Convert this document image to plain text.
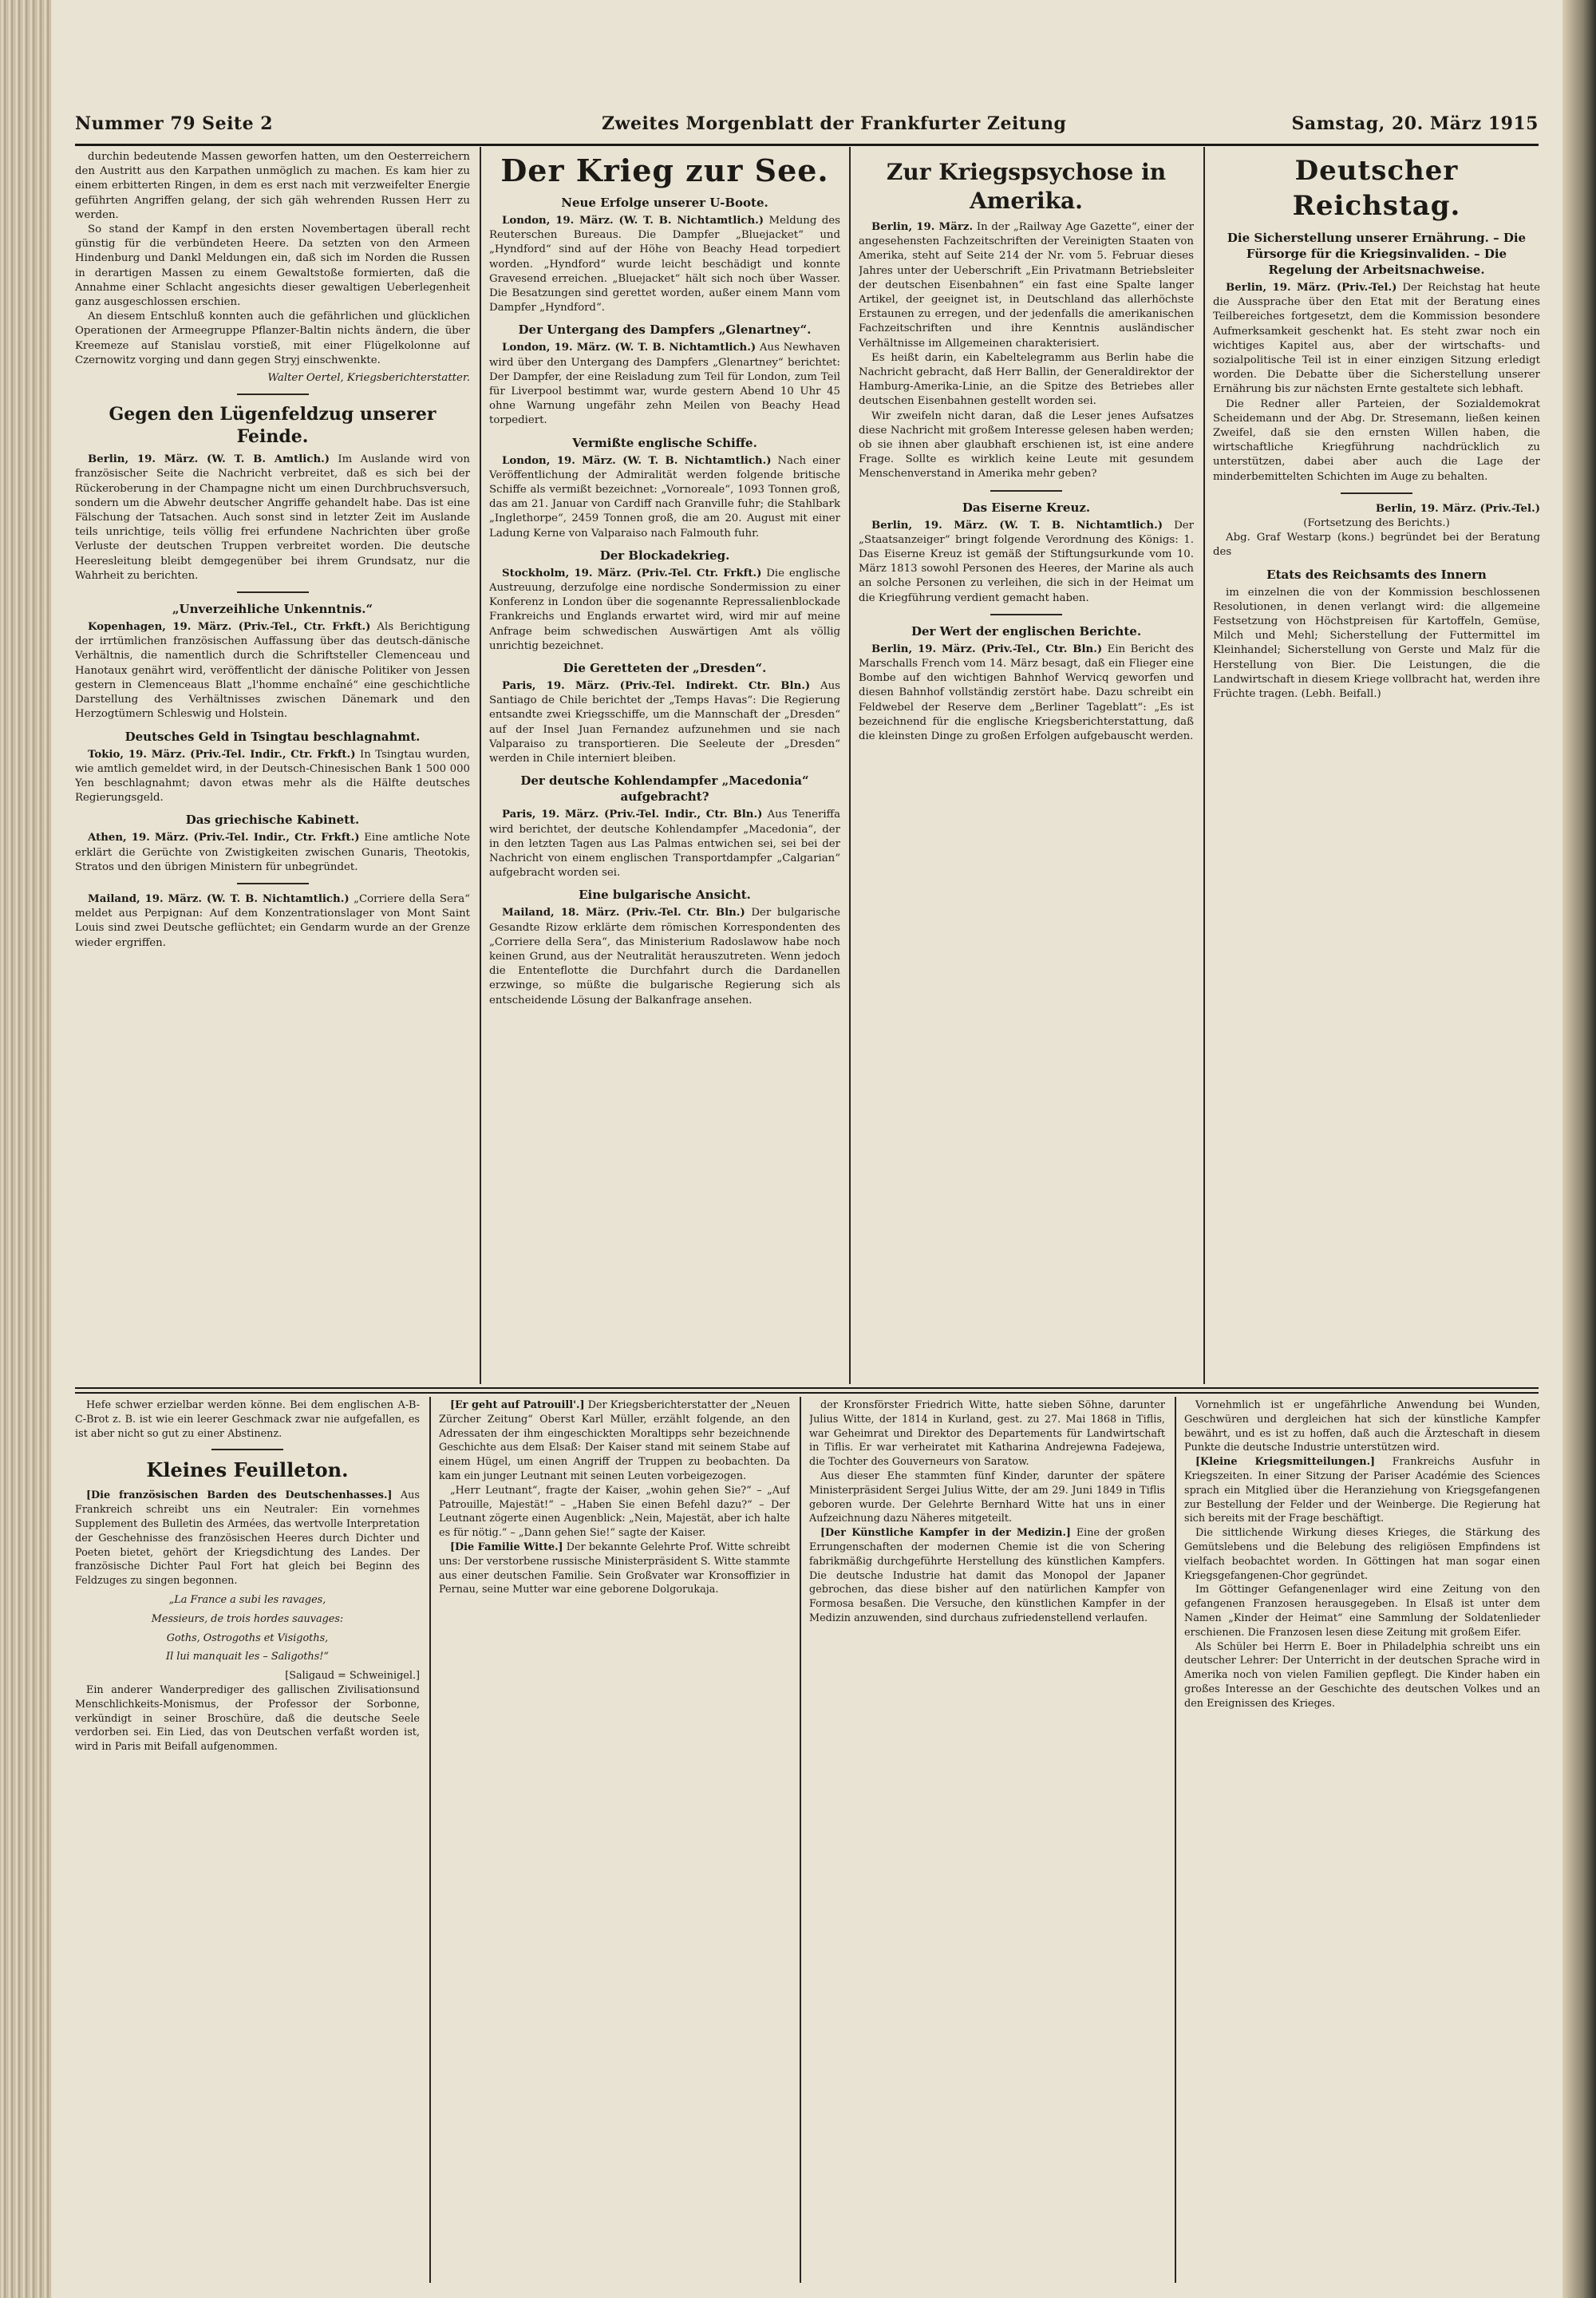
Nummer 79 Seite 2	Zweites Morgenblatt der Frankfurter Zeitung	Samstag, 20. März 1915

durchin bedeutende Massen geworfen hatten, um den Oesterreichern den Austritt aus den Karpathen unmöglich zu machen. Es kam hier zu einem erbitterten Ringen, in dem es erst nach mit verzweifelter Energie geführten Angriffen gelang, der sich gäh wehrenden Russen Herr zu werden.

So stand der Kampf in den ersten Novembertagen überall recht günstig für die verbündeten Heere. Da setzten von den Armeen Hindenburg und Dankl Meldungen ein, daß sich im Norden die Russen in derartigen Massen zu einem Gewaltstoße formierten, daß die Annahme einer Schlacht angesichts dieser gewaltigen Ueberlegenheit ganz ausgeschlossen erschien.

An diesem Entschluß konnten auch die gefährlichen und glücklichen Operationen der Armeegruppe Pflanzer-Baltin nichts ändern, die über Kreemeze auf Stanislau vorstieß, mit einer Flügelkolonne auf Czernowitz vorging und dann gegen Stryj einschwenkte.

Walter Oertel, Kriegsberichterstatter.
Gegen den Lügenfeldzug unserer Feinde.

Berlin, 19. März. (W. T. B. Amtlich.) Im Auslande wird von französischer Seite die Nachricht verbreitet, daß es sich bei der Rückeroberung in der Champagne nicht um einen Durchbruchsversuch, sondern um die Abwehr deutscher Angriffe gehandelt habe. Das ist eine Fälschung der Tatsachen. Auch sonst sind in letzter Zeit im Auslande teils unrichtige, teils völlig frei erfundene Nachrichten über große Verluste der deutschen Truppen verbreitet worden. Die deutsche Heeresleitung bleibt demgegenüber bei ihrem Grundsatz, nur die Wahrheit zu berichten.

„Unverzeihliche Unkenntnis.“

Kopenhagen, 19. März. (Priv.-Tel., Ctr. Frkft.) Als Berichtigung der irrtümlichen französischen Auffassung über das deutsch-dänische Verhältnis, die namentlich durch die Schriftsteller Clemenceau und Hanotaux genährt wird, veröffentlicht der dänische Politiker von Jessen gestern in Clemenceaus Blatt „l'homme enchaîné“ eine geschichtliche Darstellung des Verhältnisses zwischen Dänemark und den Herzogtümern Schleswig und Holstein.

Deutsches Geld in Tsingtau beschlagnahmt.

Tokio, 19. März. (Priv.-Tel. Indir., Ctr. Frkft.) In Tsingtau wurden, wie amtlich gemeldet wird, in der Deutsch-Chinesischen Bank 1 500 000 Yen beschlagnahmt; davon etwas mehr als die Hälfte deutsches Regierungsgeld.

Das griechische Kabinett.

Athen, 19. März. (Priv.-Tel. Indir., Ctr. Frkft.) Eine amtliche Note erklärt die Gerüchte von Zwistigkeiten zwischen Gunaris, Theotokis, Stratos und den übrigen Ministern für unbegründet.

Mailand, 19. März. (W. T. B. Nichtamtlich.) „Corriere della Sera“ meldet aus Perpignan: Auf dem Konzentrationslager von Mont Saint Louis sind zwei Deutsche geflüchtet; ein Gendarm wurde an der Grenze wieder ergriffen.

Der Krieg zur See.
Neue Erfolge unserer U-Boote.

London, 19. März. (W. T. B. Nichtamtlich.) Meldung des Reuterschen Bureaus. Die Dampfer „Bluejacket“ und „Hyndford“ sind auf der Höhe von Beachy Head torpediert worden. „Hyndford“ wurde leicht beschädigt und konnte Gravesend erreichen. „Bluejacket“ hält sich noch über Wasser. Die Besatzungen sind gerettet worden, außer einem Mann vom Dampfer „Hyndford“.

Der Untergang des Dampfers „Glenartney“.

London, 19. März. (W. T. B. Nichtamtlich.) Aus Newhaven wird über den Untergang des Dampfers „Glenartney“ berichtet: Der Dampfer, der eine Reisladung zum Teil für London, zum Teil für Liverpool bestimmt war, wurde gestern Abend 10 Uhr 45 ohne Warnung ungefähr zehn Meilen von Beachy Head torpediert.

Vermißte englische Schiffe.

London, 19. März. (W. T. B. Nichtamtlich.) Nach einer Veröffentlichung der Admiralität werden folgende britische Schiffe als vermißt bezeichnet: „Vornoreale“, 1093 Tonnen groß, das am 21. Januar von Cardiff nach Granville fuhr; die Stahlbark „Inglethorpe“, 2459 Tonnen groß, die am 20. August mit einer Ladung Kerne von Valparaiso nach Falmouth fuhr.

Der Blockadekrieg.

Stockholm, 19. März. (Priv.-Tel. Ctr. Frkft.) Die englische Austreuung, derzufolge eine nordische Sondermission zu einer Konferenz in London über die sogenannte Repressalienblockade Frankreichs und Englands erwartet wird, wird mir auf meine Anfrage beim schwedischen Auswärtigen Amt als völlig unrichtig bezeichnet.

Die Geretteten der „Dresden“.

Paris, 19. März. (Priv.-Tel. Indirekt. Ctr. Bln.) Aus Santiago de Chile berichtet der „Temps Havas“: Die Regierung entsandte zwei Kriegsschiffe, um die Mannschaft der „Dresden“ auf der Insel Juan Fernandez aufzunehmen und sie nach Valparaiso zu transportieren. Die Seeleute der „Dresden“ werden in Chile interniert bleiben.

Der deutsche Kohlendampfer „Macedonia“ aufgebracht?

Paris, 19. März. (Priv.-Tel. Indir., Ctr. Bln.) Aus Teneriffa wird berichtet, der deutsche Kohlendampfer „Macedonia“, der in den letzten Tagen aus Las Palmas entwichen sei, sei bei der Nachricht von einem englischen Transportdampfer „Calgarian“ aufgebracht worden sei.

Eine bulgarische Ansicht.

Mailand, 18. März. (Priv.-Tel. Ctr. Bln.) Der bulgarische Gesandte Rizow erklärte dem römischen Korrespondenten des „Corriere della Sera“, das Ministerium Radoslawow habe noch keinen Grund, aus der Neutralität herauszutreten. Wenn jedoch die Ententeflotte die Durchfahrt durch die Dardanellen erzwinge, so müßte die bulgarische Regierung sich als entscheidende Lösung der Balkanfrage ansehen.

Zur Kriegspsychose in Amerika.

Berlin, 19. März. In der „Railway Age Gazette“, einer der angesehensten Fachzeitschriften der Vereinigten Staaten von Amerika, steht auf Seite 214 der Nr. vom 5. Februar dieses Jahres unter der Ueberschrift „Ein Privatmann Betriebsleiter der deutschen Eisenbahnen“ ein fast eine Spalte langer Artikel, der geeignet ist, in Deutschland das allerhöchste Erstaunen zu erregen, und der jedenfalls die amerikanischen Fachzeitschriften und ihre Kenntnis ausländischer Verhältnisse im Allgemeinen charakterisiert.

Es heißt darin, ein Kabeltelegramm aus Berlin habe die Nachricht gebracht, daß Herr Ballin, der Generaldirektor der Hamburg-Amerika-Linie, an die Spitze des Betriebes aller deutschen Eisenbahnen gestellt worden sei.

Wir zweifeln nicht daran, daß die Leser jenes Aufsatzes diese Nachricht mit großem Interesse gelesen haben werden; ob sie ihnen aber glaubhaft erschienen ist, ist eine andere Frage. Sollte es wirklich keine Leute mit gesundem Menschenverstand in Amerika mehr geben?

Das Eiserne Kreuz.

Berlin, 19. März. (W. T. B. Nichtamtlich.) Der „Staatsanzeiger“ bringt folgende Verordnung des Königs: 1. Das Eiserne Kreuz ist gemäß der Stiftungsurkunde vom 10. März 1813 sowohl Personen des Heeres, der Marine als auch an solche Personen zu verleihen, die sich in der Heimat um die Kriegführung verdient gemacht haben.

Der Wert der englischen Berichte.

Berlin, 19. März. (Priv.-Tel., Ctr. Bln.) Ein Bericht des Marschalls French vom 14. März besagt, daß ein Flieger eine Bombe auf den wichtigen Bahnhof Wervicq geworfen und diesen Bahnhof vollständig zerstört habe. Dazu schreibt ein Feldwebel der Reserve dem „Berliner Tageblatt“: „Es ist bezeichnend für die englische Kriegsberichterstattung, daß die kleinsten Dinge zu großen Erfolgen aufgebauscht werden.

Deutscher Reichstag.
Die Sicherstellung unserer Ernährung. – Die Fürsorge für die Kriegsinvaliden. – Die Regelung der Arbeitsnachweise.

Berlin, 19. März. (Priv.-Tel.) Der Reichstag hat heute die Aussprache über den Etat mit der Beratung eines Teilbereiches fortgesetzt, dem die Kommission besondere Aufmerksamkeit geschenkt hat. Es steht zwar noch ein wichtiges Kapitel aus, aber der wirtschafts- und sozialpolitische Teil ist in einer einzigen Sitzung erledigt worden. Die Debatte über die Sicherstellung unserer Ernährung bis zur nächsten Ernte gestaltete sich lebhaft.

Die Redner aller Parteien, der Sozialdemokrat Scheidemann und der Abg. Dr. Stresemann, ließen keinen Zweifel, daß sie den ernsten Willen haben, die wirtschaftliche Kriegführung nachdrücklich zu unterstützen, dabei aber auch die Lage der minderbemittelten Schichten im Auge zu behalten.

Berlin, 19. März. (Priv.-Tel.)

(Fortsetzung des Berichts.)

Abg. Graf Westarp (kons.) begründet bei der Beratung des

Etats des Reichsamts des Innern

im einzelnen die von der Kommission beschlossenen Resolutionen, in denen verlangt wird: die allgemeine Festsetzung von Höchstpreisen für Kartoffeln, Gemüse, Milch und Mehl; Sicherstellung der Futtermittel im Kleinhandel; Sicherstellung von Gerste und Malz für die Herstellung von Bier. Die Leistungen, die die Landwirtschaft in diesem Kriege vollbracht hat, werden ihre Früchte tragen. (Lebh. Beifall.)

Hefe schwer erzielbar werden könne. Bei dem englischen A-B-C-Brot z. B. ist wie ein leerer Geschmack zwar nie aufgefallen, es ist aber nicht so gut zu einer Abstinenz.

Kleines Feuilleton.

[Die französischen Barden des Deutschenhasses.] Aus Frankreich schreibt uns ein Neutraler: Ein vornehmes Supplement des Bulletin des Armées, das wertvolle Interpretation der Geschehnisse des französischen Heeres durch Dichter und Poeten bietet, gehört der Kriegsdichtung des Landes. Der französische Dichter Paul Fort hat gleich bei Beginn des Feldzuges zu singen begonnen.

„La France a subi les ravages,
Messieurs, de trois hordes sauvages:
Goths, Ostrogoths et Visigoths,
Il lui manquait les – Saligoths!“
[Saligaud = Schweinigel.]

Ein anderer Wanderprediger des gallischen Zivilisationsund Menschlichkeits-Monismus, der Professor der Sorbonne, verkündigt in seiner Broschüre, daß die deutsche Seele verdorben sei. Ein Lied, das von Deutschen verfaßt worden ist, wird in Paris mit Beifall aufgenommen.

[Er geht auf Patrouill'.] Der Kriegsberichterstatter der „Neuen Zürcher Zeitung“ Oberst Karl Müller, erzählt folgende, an den Adressaten der ihm eingeschickten Moraltipps sehr bezeichnende Geschichte aus dem Elsaß: Der Kaiser stand mit seinem Stabe auf einem Hügel, um einen Angriff der Truppen zu beobachten. Da kam ein junger Leutnant mit seinen Leuten vorbeigezogen.

„Herr Leutnant“, fragte der Kaiser, „wohin gehen Sie?“ – „Auf Patrouille, Majestät!“ – „Haben Sie einen Befehl dazu?“ – Der Leutnant zögerte einen Augenblick: „Nein, Majestät, aber ich halte es für nötig.“ – „Dann gehen Sie!“ sagte der Kaiser.

[Die Familie Witte.] Der bekannte Gelehrte Prof. Witte schreibt uns: Der verstorbene russische Ministerpräsident S. Witte stammte aus einer deutschen Familie. Sein Großvater war Kronsoffizier in Pernau, seine Mutter war eine geborene Dolgorukaja.

der Kronsförster Friedrich Witte, hatte sieben Söhne, darunter Julius Witte, der 1814 in Kurland, gest. zu 27. Mai 1868 in Tiflis, war Geheimrat und Direktor des Departements für Landwirtschaft in Tiflis. Er war verheiratet mit Katharina Andrejewna Fadejewa, die Tochter des Gouverneurs von Saratow.

Aus dieser Ehe stammten fünf Kinder, darunter der spätere Ministerpräsident Sergei Julius Witte, der am 29. Juni 1849 in Tiflis geboren wurde. Der Gelehrte Bernhard Witte hat uns in einer Aufzeichnung dazu Näheres mitgeteilt.

[Der Künstliche Kampfer in der Medizin.] Eine der großen Errungenschaften der modernen Chemie ist die von Schering fabrikmäßig durchgeführte Herstellung des künstlichen Kampfers. Die deutsche Industrie hat damit das Monopol der Japaner gebrochen, das diese bisher auf den natürlichen Kampfer von Formosa besaßen. Die Versuche, den künstlichen Kampfer in der Medizin anzuwenden, sind durchaus zufriedenstellend verlaufen.

Vornehmlich ist er ungefährliche Anwendung bei Wunden, Geschwüren und dergleichen hat sich der künstliche Kampfer bewährt, und es ist zu hoffen, daß auch die Ärzteschaft in diesem Punkte die deutsche Industrie unterstützen wird.

[Kleine Kriegsmitteilungen.] Frankreichs Ausfuhr in Kriegszeiten. In einer Sitzung der Pariser Académie des Sciences sprach ein Mitglied über die Heranziehung von Kriegsgefangenen zur Bestellung der Felder und der Weinberge. Die Regierung hat sich bereits mit der Frage beschäftigt.

Die sittlichende Wirkung dieses Krieges, die Stärkung des Gemütslebens und die Belebung des religiösen Empfindens ist vielfach beobachtet worden. In Göttingen hat man sogar einen Kriegsgefangenen-Chor gegründet.

Im Göttinger Gefangenenlager wird eine Zeitung von den gefangenen Franzosen herausgegeben. In Elsaß ist unter dem Namen „Kinder der Heimat“ eine Sammlung der Soldatenlieder erschienen. Die Franzosen lesen diese Zeitung mit großem Eifer.

Als Schüler bei Herrn E. Boer in Philadelphia schreibt uns ein deutscher Lehrer: Der Unterricht in der deutschen Sprache wird in Amerika noch von vielen Familien gepflegt. Die Kinder haben ein großes Interesse an der Geschichte des deutschen Volkes und an den Ereignissen des Krieges.
